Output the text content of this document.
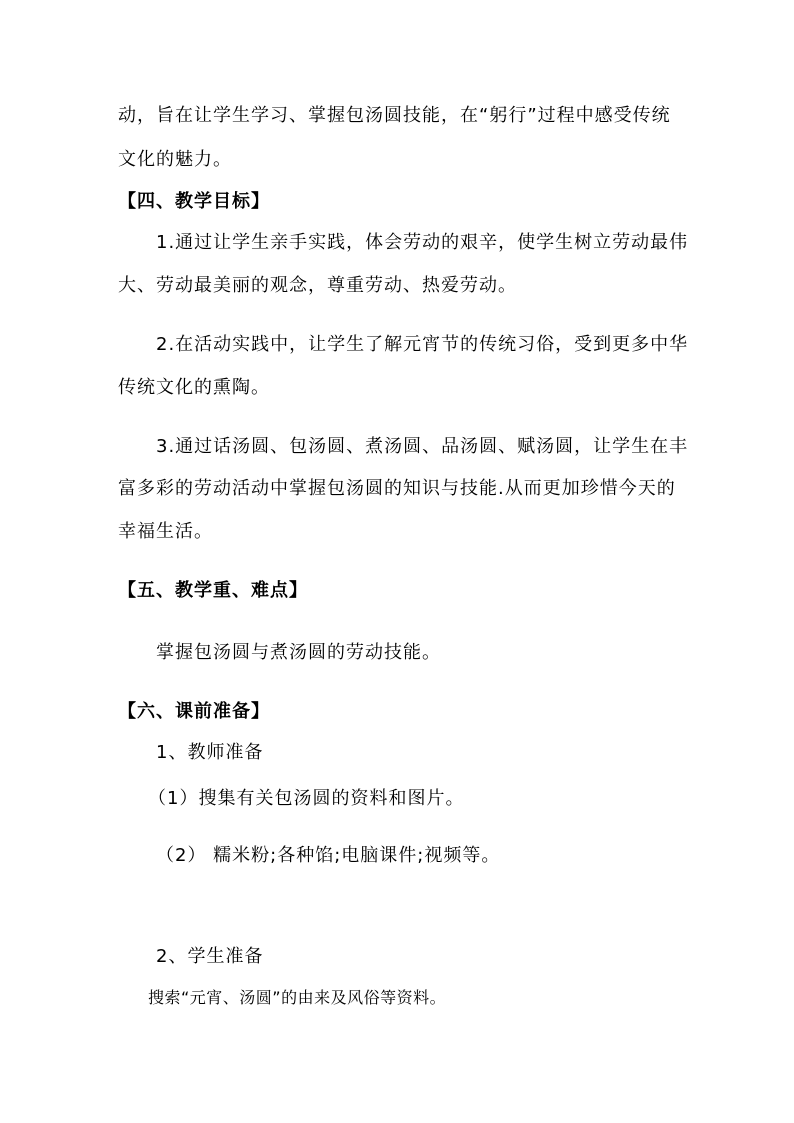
动，旨在让学生学习、掌握包汤圆技能，在“躬行”过程中感受传统
文化的魅力。
【四、教学目标】
1.通过让学生亲手实践，体会劳动的艰辛，使学生树立劳动最伟
大、劳动最美丽的观念，尊重劳动、热爱劳动。
2.在活动实践中，让学生了解元宵节的传统习俗，受到更多中华
传统文化的熏陶。
3.通过话汤圆、包汤圆、煮汤圆、品汤圆、赋汤圆，让学生在丰
富多彩的劳动活动中掌握包汤圆的知识与技能.从而更加珍惜今天的
幸福生活。
【五、教学重、难点】
掌握包汤圆与煮汤圆的劳动技能。
【六、课前准备】
1、教师准备
（1）搜集有关包汤圆的资料和图片。
（2） 糯米粉;各种馅;电脑课件;视频等。
2、学生准备
搜索“元宵、汤圆”的由来及风俗等资料。
